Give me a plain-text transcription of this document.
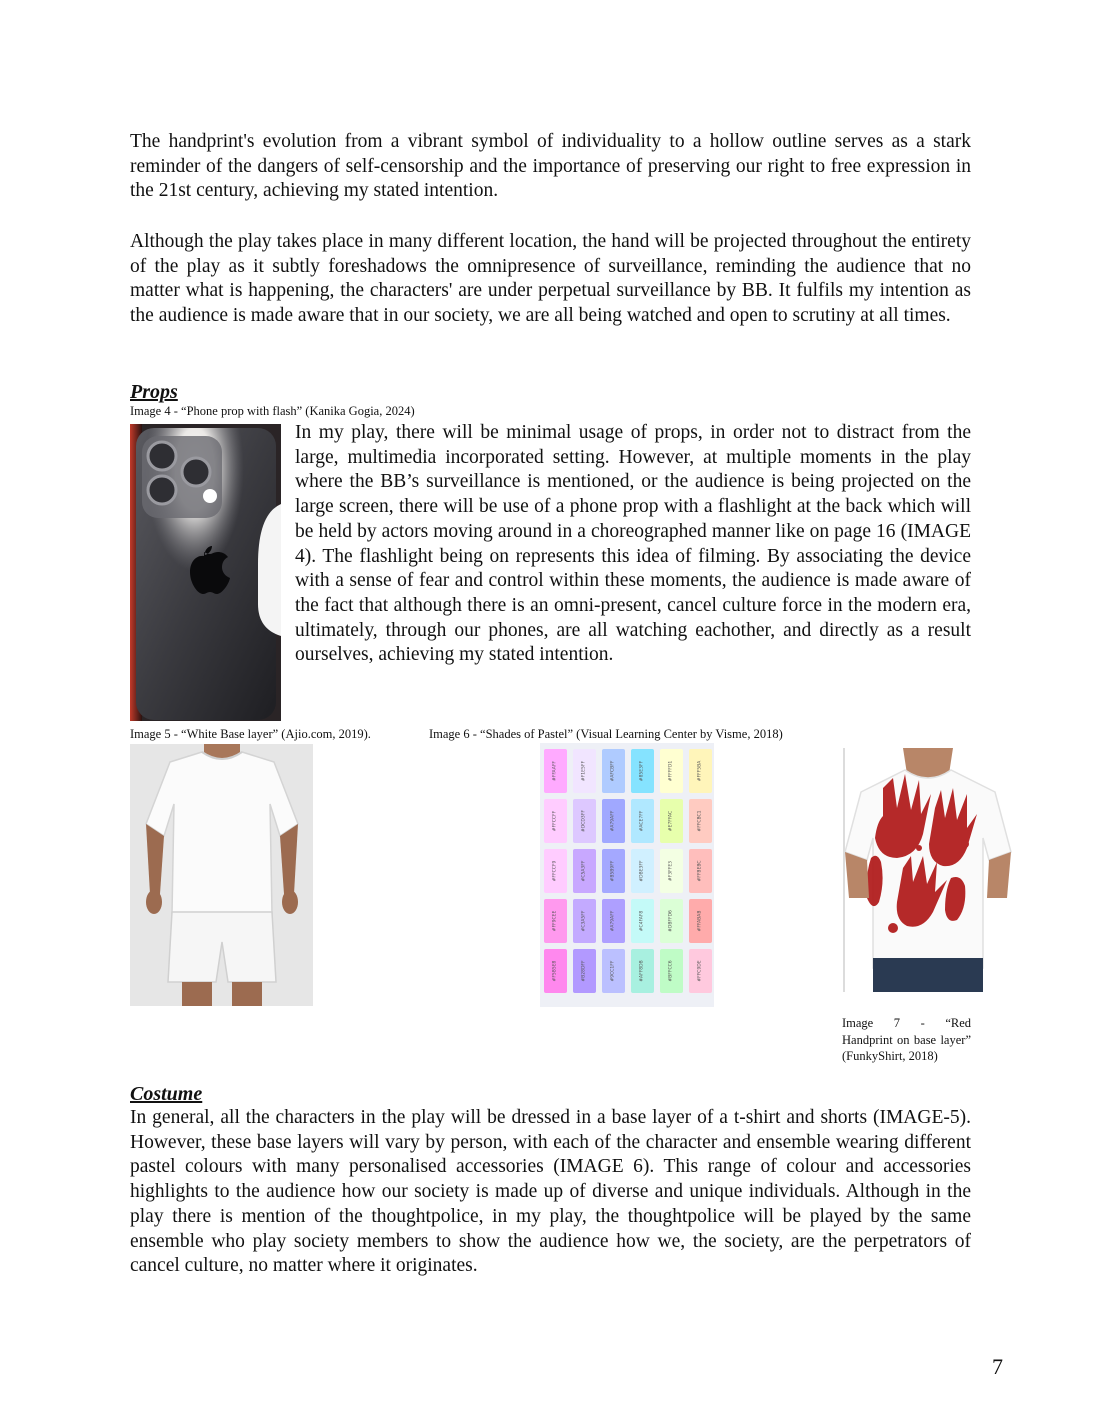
The handprint's evolution from a vibrant symbol of individuality to a hollow outline serves as a stark reminder of the dangers of self-censorship and the importance of preserving our right to free expression in the 21st century, achieving my stated intention.

Although the play takes place in many different location, the hand will be projected throughout the entirety of the play as it subtly foreshadows the omnipresence of surveillance, reminding the audience that no matter what is happening, the characters' are under perpetual surveillance by BB. It fulfils my intention as the audience is made aware that in our society, we are all being watched and open to scrutiny at all times.

Props

Image 4 - “Phone prop with flash” (Kanika Gogia, 2024)

In my play, there will be minimal usage of props, in order not to distract from the large, multimedia incorporated setting. However, at multiple moments in the play where the BB’s surveillance is mentioned, or the audience is being projected on the large screen, there will be use of a phone prop with a flashlight at the back which will be held by actors moving around in a choreographed manner like on page 16 (IMAGE 4). The flashlight being on represents this idea of filming. By associating the device with a sense of fear and control within these moments, the audience is made aware of the fact that although there is an omni-present, cancel culture force in the modern era, ultimately, through our phones, are all watching eachother, and directly as a result ourselves, achieving my stated intention.

Image 5 - “White Base layer” (Ajio.com, 2019).	Image 6 - “Shades of Pastel” (Visual Learning Center by Visme, 2018)

#FFAAFF
#FFCCFF
#FFCCF9
#FF9CEE
#F5B5E8
#F1E5FF
#DCD3FF
#C5A3FF
#C3A5FF
#B28DFF
#AFCBFF
#A79AFF
#B5B9FF
#A79AFF
#9CC1FF
#85E3FF
#ACE7FF
#DBE3FF
#C4FAF8
#AFF8DB
#FFFFD1
#E7FFAC
#F3FFE3
#DBFFD6
#BFFCC6
#FFF5BA
#FFCBC1
#FFBEBC
#FFABAB
#FFC9DE

Image 7 - “Red Handprint on base layer” (FunkyShirt, 2018)

Costume

In general, all the characters in the play will be dressed in a base layer of a t-shirt and shorts (IMAGE-5). However, these base layers will vary by person, with each of the character and ensemble wearing different pastel colours with many personalised accessories (IMAGE 6). This range of colour and accessories highlights to the audience how our society is made up of diverse and unique individuals. Although in the play there is mention of the thoughtpolice, in my play, the thoughtpolice will be played by the same ensemble who play society members to show the audience how we, the society, are the perpetrators of cancel culture, no matter where it originates.

7
